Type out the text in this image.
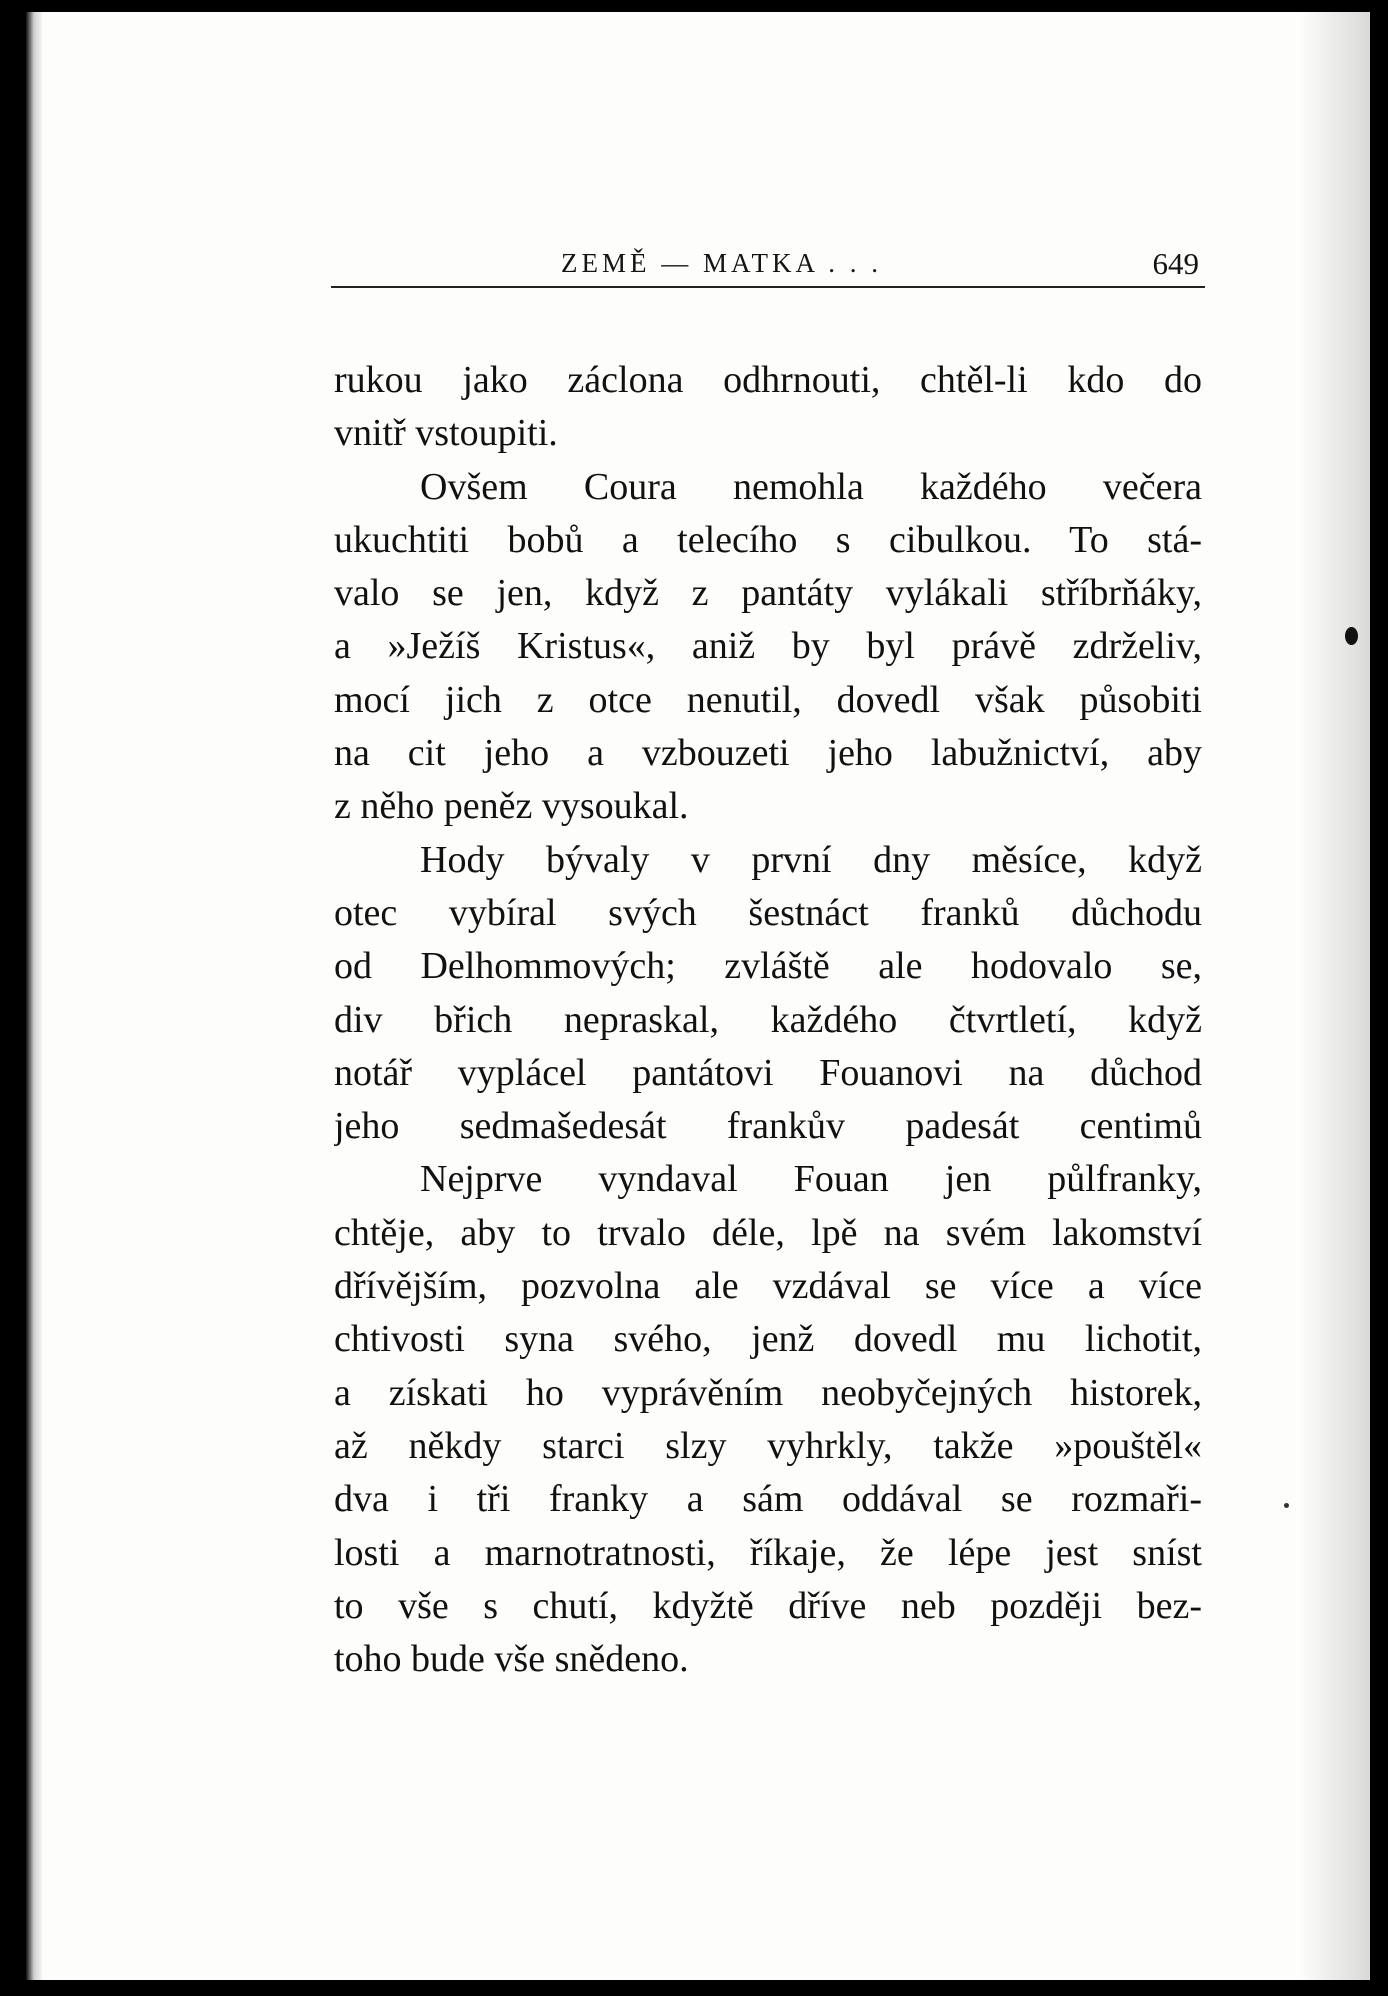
ZEMĚ — MATKA . . .	649
rukou jako záclona odhrnouti, chtěl-li kdo do
vnitř vstoupiti.
Ovšem Coura nemohla každého večera
ukuchtiti bobů a telecího s cibulkou. To stá-
valo se jen, když z pantáty vylákali stříbrňáky,
a »Ježíš Kristus«, aniž by byl právě zdrželiv,
mocí jich z otce nenutil, dovedl však působiti
na cit jeho a vzbouzeti jeho labužnictví, aby
z něho peněz vysoukal.
Hody bývaly v první dny měsíce, když
otec vybíral svých šestnáct franků důchodu
od Delhommových; zvláště ale hodovalo se,
div břich nepraskal, každého čtvrtletí, když
notář vyplácel pantátovi Fouanovi na důchod
jeho sedmašedesát frankův padesát centimů
Nejprve vyndaval Fouan jen půlfranky,
chtěje, aby to trvalo déle, lpě na svém lakomství
dřívějším, pozvolna ale vzdával se více a více
chtivosti syna svého, jenž dovedl mu lichotit,
a získati ho vyprávěním neobyčejných historek,
až někdy starci slzy vyhrkly, takže »pouštěl«
dva i tři franky a sám oddával se rozmaři-
losti a marnotratnosti, říkaje, že lépe jest sníst
to vše s chutí, kdyžtě dříve neb později bez-
toho bude vše snědeno.
